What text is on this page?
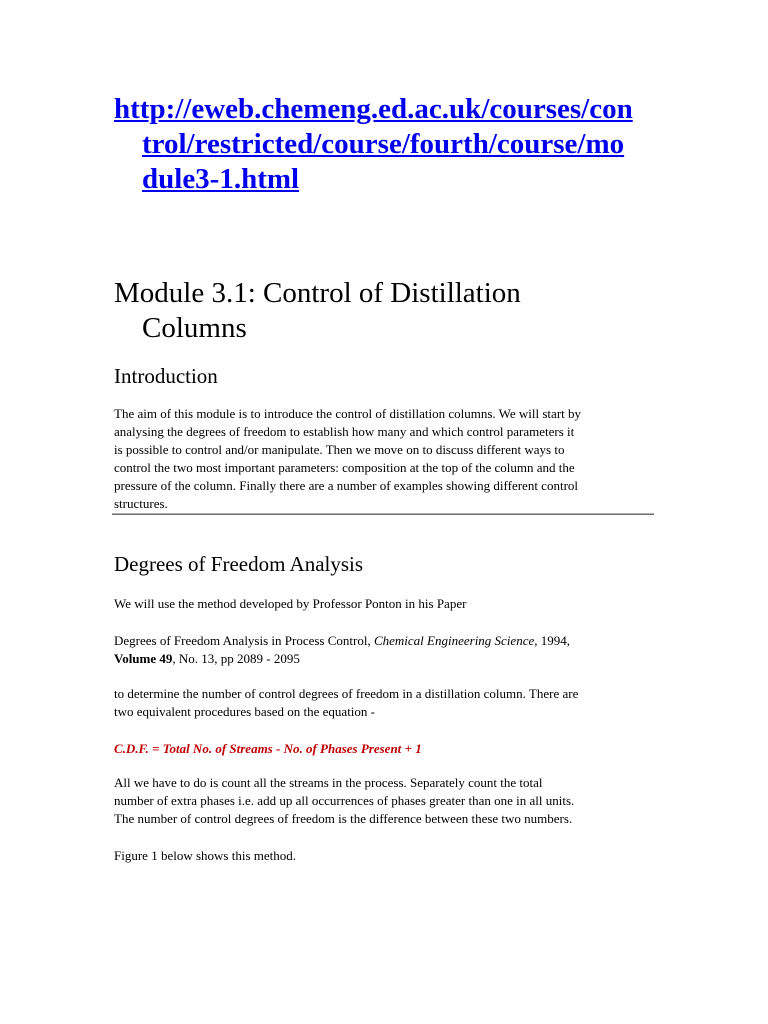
http://eweb.chemeng.ed.ac.uk/courses/con
trol/restricted/course/fourth/course/mo
dule3-1.html
Module 3.1: Control of Distillation
Columns
Introduction

The aim of this module is to introduce the control of distillation columns. We will start by
analysing the degrees of freedom to establish how many and which control parameters it
is possible to control and/or manipulate. Then we move on to discuss different ways to
control the two most important parameters: composition at the top of the column and the
pressure of the column. Finally there are a number of examples showing different control
structures.

Degrees of Freedom Analysis

We will use the method developed by Professor Ponton in his Paper

Degrees of Freedom Analysis in Process Control, Chemical Engineering Science, 1994,
Volume 49, No. 13, pp 2089 - 2095

to determine the number of control degrees of freedom in a distillation column. There are
two equivalent procedures based on the equation -

C.D.F. = Total No. of Streams - No. of Phases Present + 1

All we have to do is count all the streams in the process. Separately count the total
number of extra phases i.e. add up all occurrences of phases greater than one in all units.
The number of control degrees of freedom is the difference between these two numbers.

Figure 1 below shows this method.
